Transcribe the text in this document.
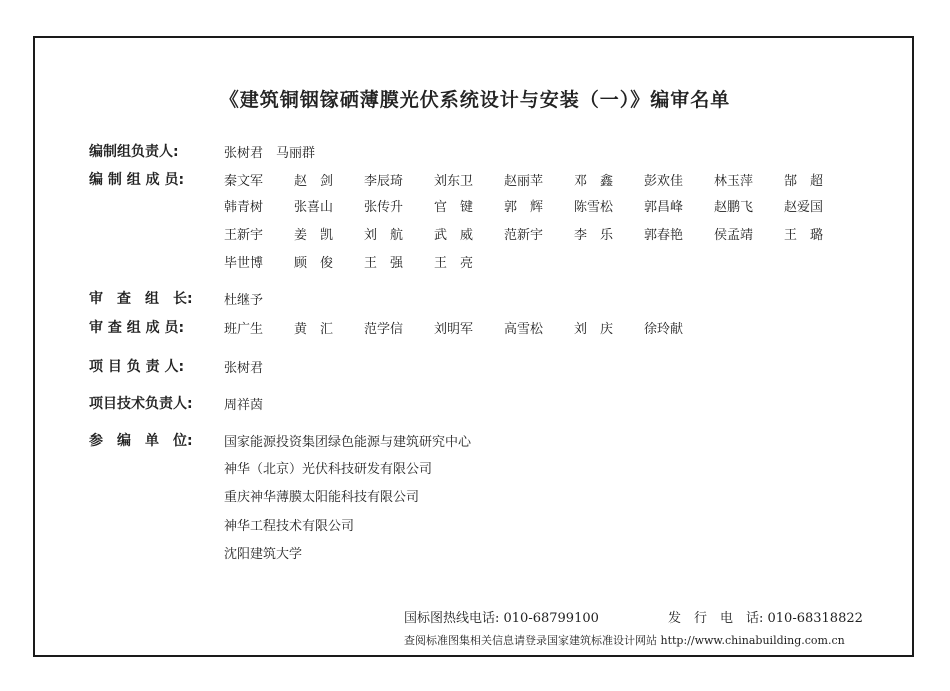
《建筑铜铟镓硒薄膜光伏系统设计与安装（一）》编审名单
编制组负责人:	张树君　马丽群
编 制 组 成 员:	秦文军 赵　剑 李辰琦 刘东卫 赵丽苹 邓　鑫 彭欢佳 林玉萍 郜　超
韩青树 张喜山 张传升 官　键 郭　辉 陈雪松 郭昌峰 赵鹏飞 赵爱国
王新宇 姜　凯 刘　航 武　威 范新宇 李　乐 郭春艳 侯孟靖 王　璐
毕世博 顾　俊 王　强 王　亮
审　查　组　长: 杜继予
审 查 组 成 员:	班广生 黄　汇 范学信 刘明军 高雪松 刘　庆 徐玲献
项 目 负 责 人:	张树君
项目技术负责人: 周祥茵
参　编　单　位: 国家能源投资集团绿色能源与建筑研究中心
神华（北京）光伏科技研发有限公司
重庆神华薄膜太阳能科技有限公司
神华工程技术有限公司
沈阳建筑大学
国标图热线电话: 010-68799100	发　行　电　话: 010-68318822
查阅标准图集相关信息请登录国家建筑标准设计网站 http://www.chinabuilding.com.cn
